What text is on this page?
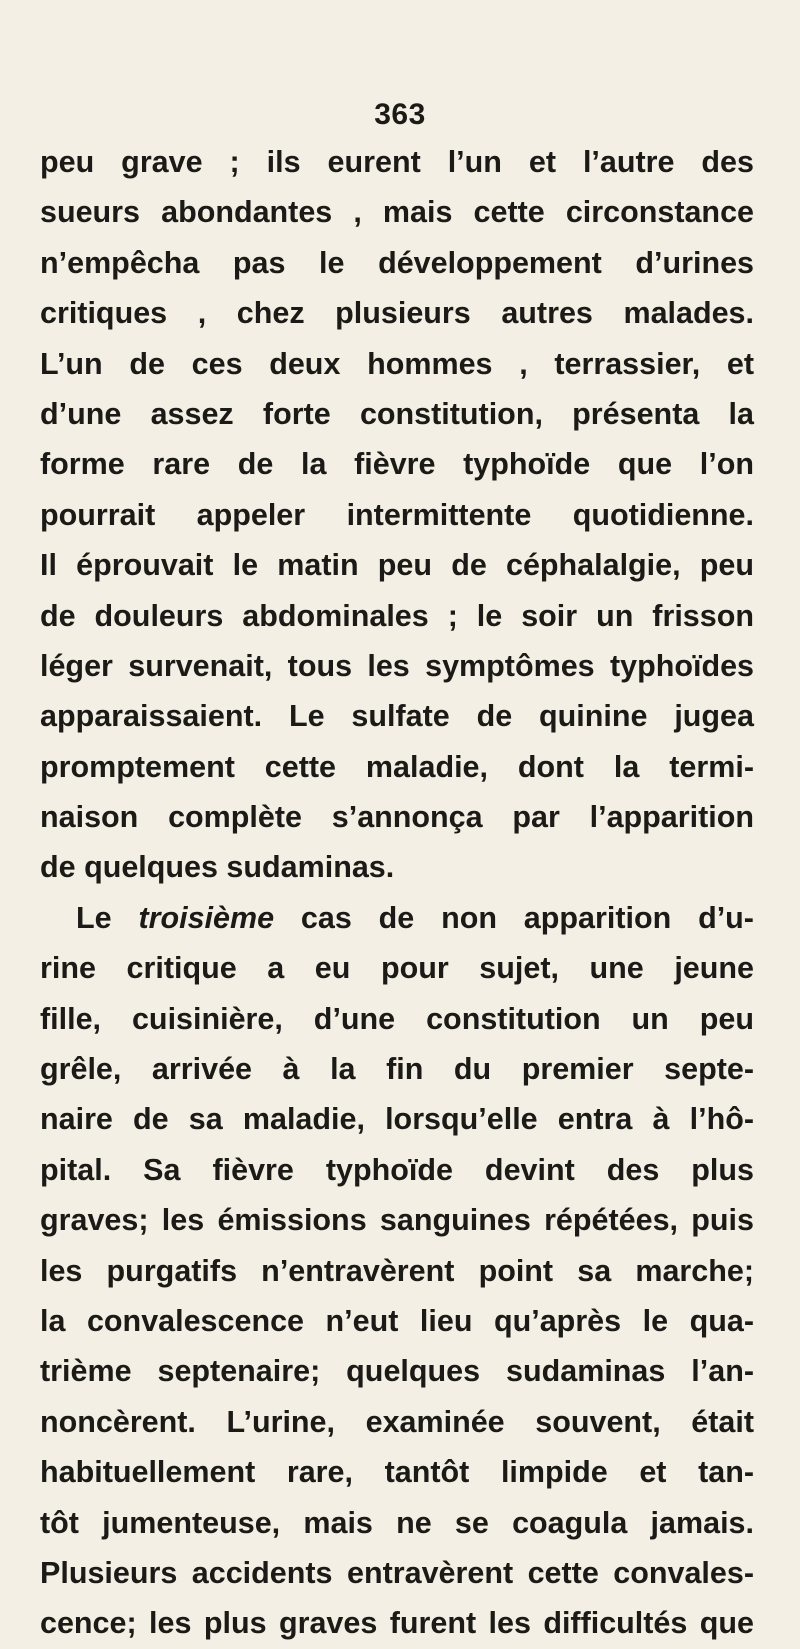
363
peu grave ; ils eurent l’un et l’autre des
sueurs abondantes , mais cette circonstance
n’empêcha pas le développement d’urines
critiques , chez plusieurs autres malades.
L’un de ces deux hommes , terrassier, et
d’une assez forte constitution, présenta la
forme rare de la fièvre typhoïde que l’on
pourrait appeler intermittente quotidienne.
Il éprouvait le matin peu de céphalalgie, peu
de douleurs abdominales ; le soir un frisson
léger survenait, tous les symptômes typhoïdes
apparaissaient. Le sulfate de quinine jugea
promptement cette maladie, dont la termi-
naison complète s’annonça par l’apparition
de quelques sudaminas.
Le troisième cas de non apparition d’u-
rine critique a eu pour sujet, une jeune
fille, cuisinière, d’une constitution un peu
grêle, arrivée à la fin du premier septe-
naire de sa maladie, lorsqu’elle entra à l’hô-
pital. Sa fièvre typhoïde devint des plus
graves; les émissions sanguines répétées, puis
les purgatifs n’entravèrent point sa marche;
la convalescence n’eut lieu qu’après le qua-
trième septenaire; quelques sudaminas l’an-
noncèrent. L’urine, examinée souvent, était
habituellement rare, tantôt limpide et tan-
tôt jumenteuse, mais ne se coagula jamais.
Plusieurs accidents entravèrent cette convales-
cence; les plus graves furent les difficultés que
